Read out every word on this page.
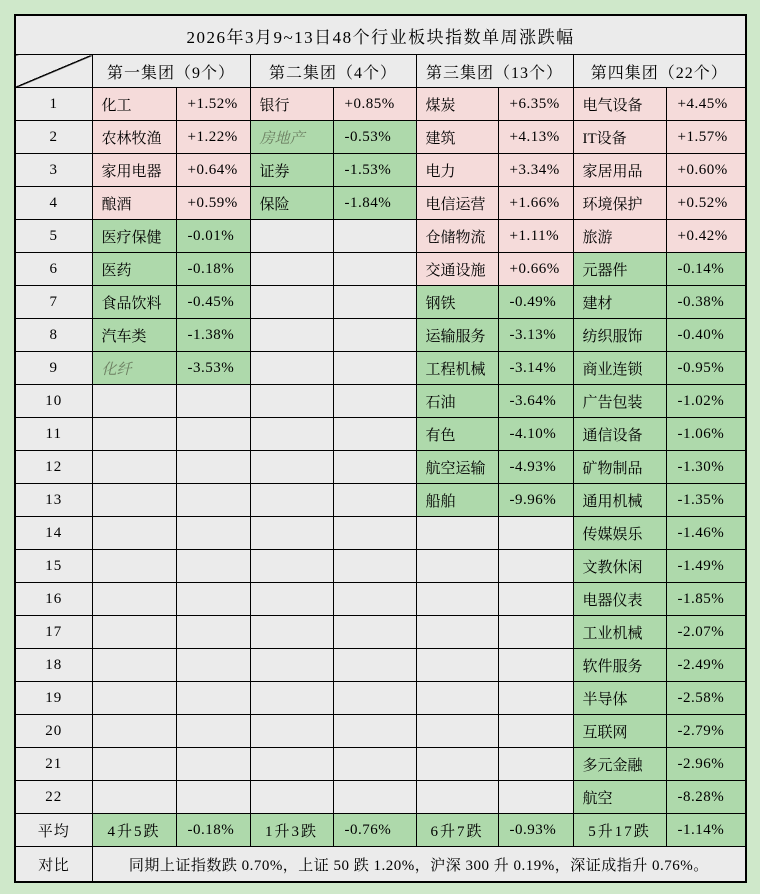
2026年3月9~13日48个行业板块指数单周涨跌幅								
	第一集团（9个）		第二集团（4个）		第三集团（13个）		第四集团（22个）	
1	化工	+1.52%	银行	+0.85%	煤炭	+6.35%	电气设备	+4.45%
2	农林牧渔	+1.22%	房地产	-0.53%	建筑	+4.13%	IT设备	+1.57%
3	家用电器	+0.64%	证券	-1.53%	电力	+3.34%	家居用品	+0.60%
4	酿酒	+0.59%	保险	-1.84%	电信运营	+1.66%	环境保护	+0.52%
5	医疗保健	-0.01%			仓储物流	+1.11%	旅游	+0.42%
6	医药	-0.18%			交通设施	+0.66%	元器件	-0.14%
7	食品饮料	-0.45%			钢铁	-0.49%	建材	-0.38%
8	汽车类	-1.38%			运输服务	-3.13%	纺织服饰	-0.40%
9	化纤	-3.53%			工程机械	-3.14%	商业连锁	-0.95%
10					石油	-3.64%	广告包装	-1.02%
11					有色	-4.10%	通信设备	-1.06%
12					航空运输	-4.93%	矿物制品	-1.30%
13					船舶	-9.96%	通用机械	-1.35%
14							传媒娱乐	-1.46%
15							文教休闲	-1.49%
16							电器仪表	-1.85%
17							工业机械	-2.07%
18							软件服务	-2.49%
19							半导体	-2.58%
20							互联网	-2.79%
21							多元金融	-2.96%
22							航空	-8.28%
平均	4升5跌	-0.18%	1升3跌	-0.76%	6升7跌	-0.93%	5升17跌	-1.14%
对比	同期上证指数跌 0.70%，上证 50 跌 1.20%，沪深 300 升 0.19%，深证成指升 0.76%。							
